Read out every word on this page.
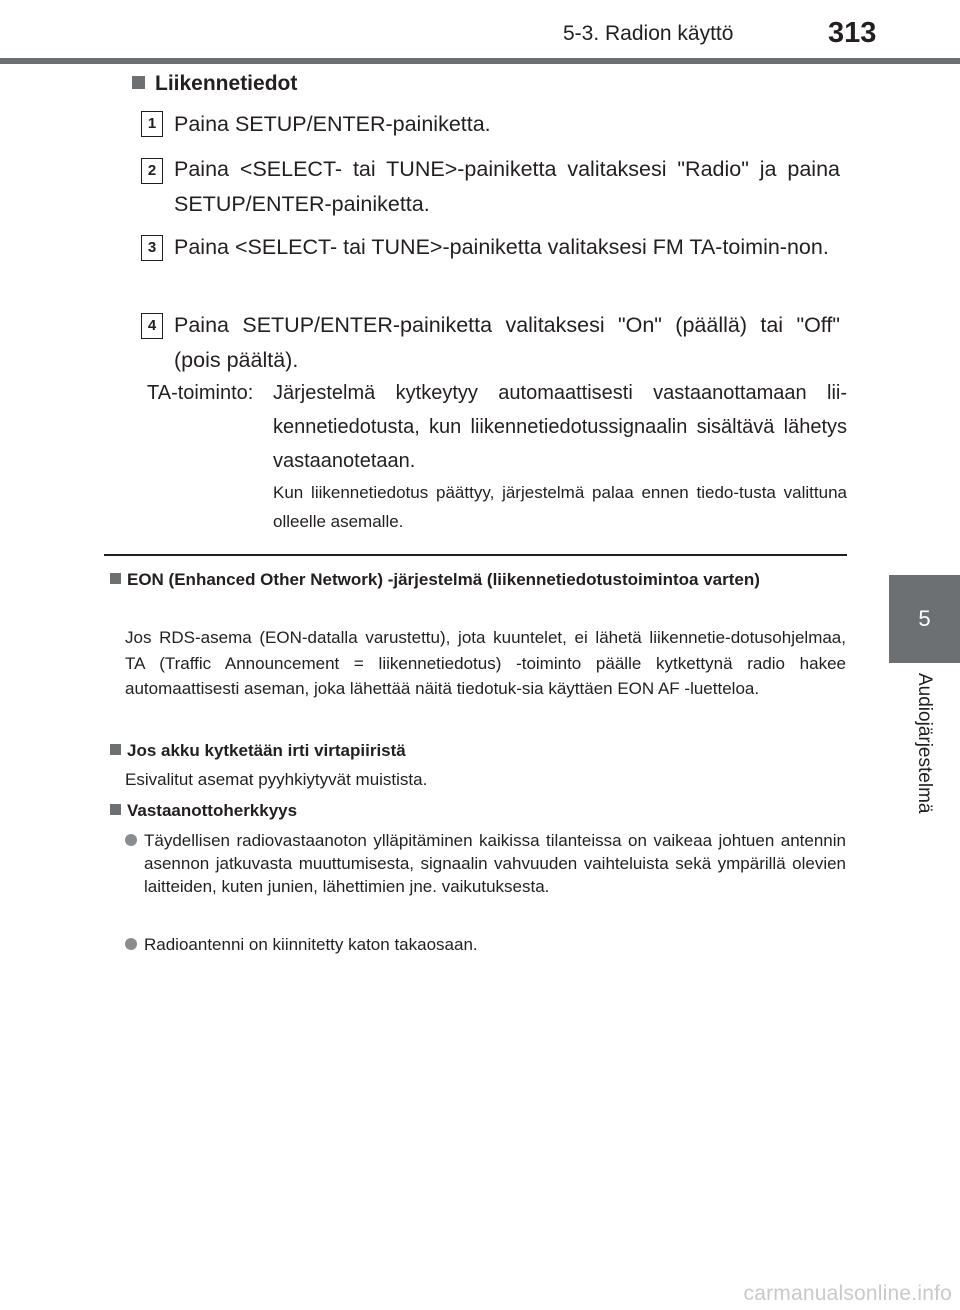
5-3. Radion käyttö	313
5
Audiojärjestelmä
Liikennetiedot
1 Paina SETUP/ENTER-painiketta.
2 Paina <SELECT- tai TUNE>-painiketta valitaksesi "Radio" ja paina SETUP/ENTER-painiketta.
3 Paina <SELECT- tai TUNE>-painiketta valitaksesi FM TA-toimin-non.
4 Paina SETUP/ENTER-painiketta valitaksesi "On" (päällä) tai "Off" (pois päältä).
TA-toiminto: Järjestelmä kytkeytyy automaattisesti vastaanottamaan lii-kennetiedotusta, kun liikennetiedotussignaalin sisältävä lähetys vastaanotetaan.
Kun liikennetiedotus päättyy, järjestelmä palaa ennen tiedo-tusta valittuna olleelle asemalle.
EON (Enhanced Other Network) -järjestelmä (liikennetiedotustoimintoa varten)
Jos RDS-asema (EON-datalla varustettu), jota kuuntelet, ei lähetä liikennetie-dotusohjelmaa, TA (Traffic Announcement = liikennetiedotus) -toiminto päälle kytkettynä radio hakee automaattisesti aseman, joka lähettää näitä tiedotuk-sia käyttäen EON AF -luetteloa.
Jos akku kytketään irti virtapiiristä
Esivalitut asemat pyyhkiytyvät muistista.
Vastaanottoherkkyys
Täydellisen radiovastaanoton ylläpitäminen kaikissa tilanteissa on vaikeaa johtuen antennin asennon jatkuvasta muuttumisesta, signaalin vahvuuden vaihteluista sekä ympärillä olevien laitteiden, kuten junien, lähettimien jne. vaikutuksesta.
Radioantenni on kiinnitetty katon takaosaan.
carmanualsonline.info
